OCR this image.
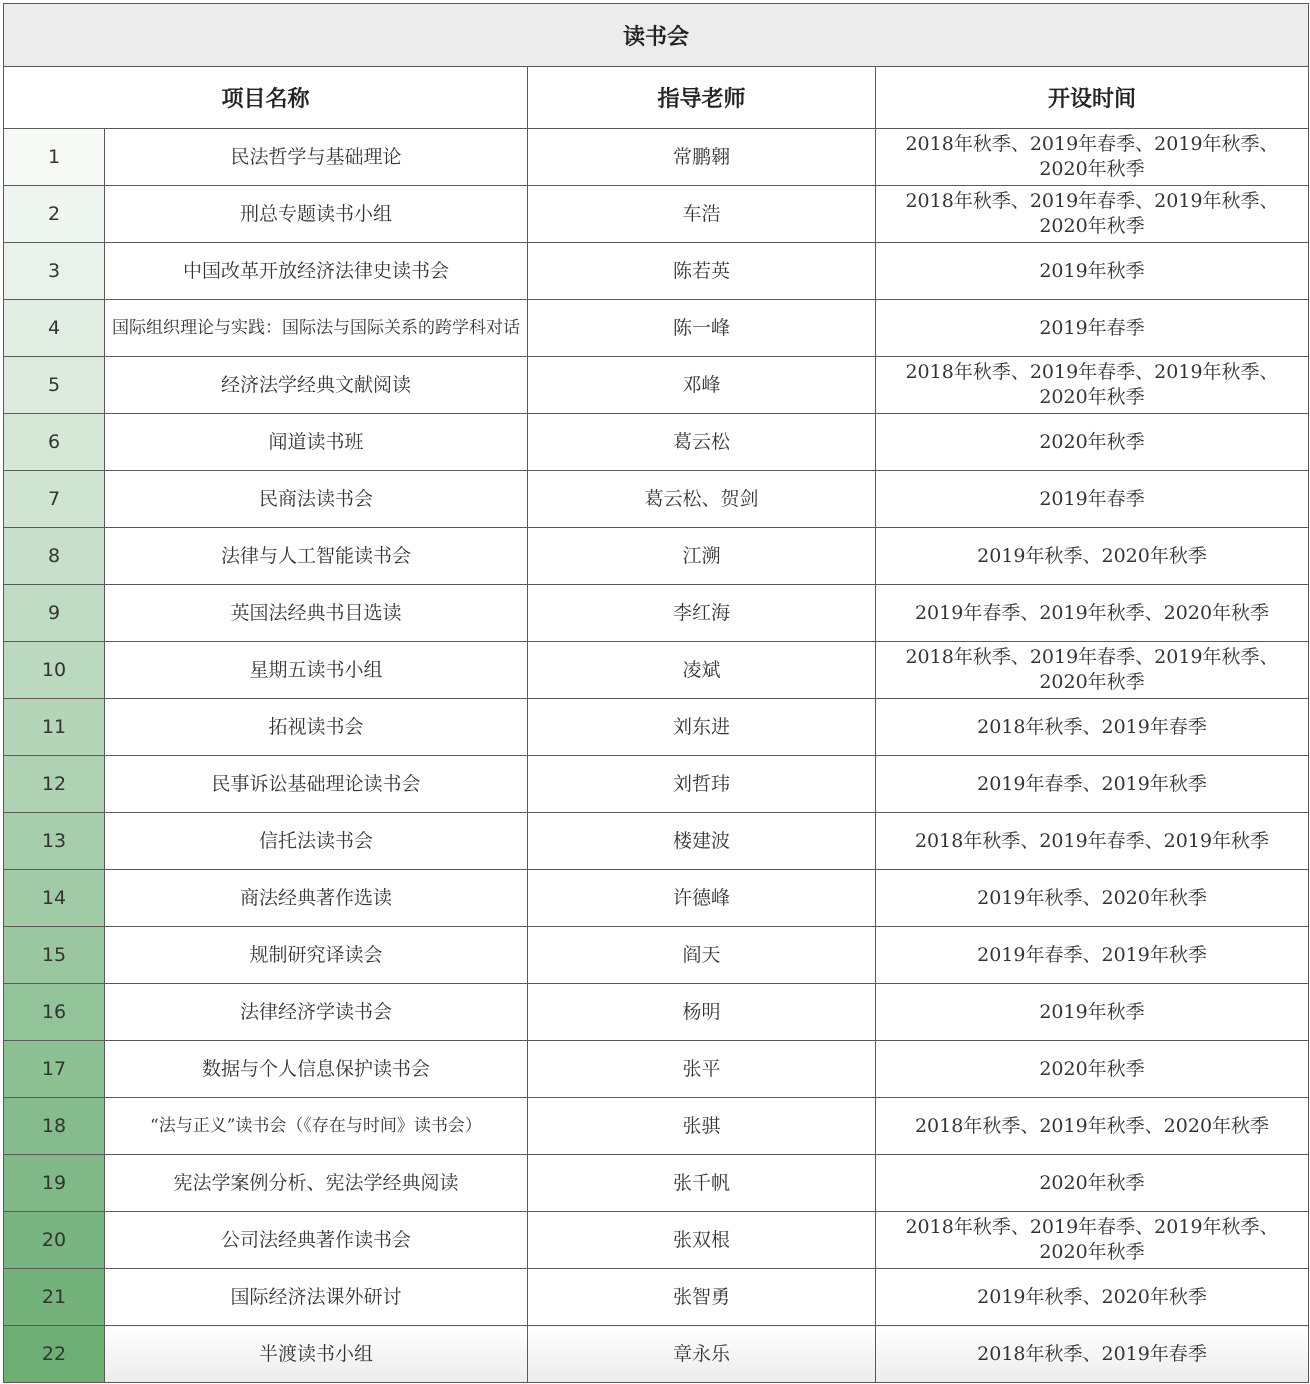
读书会			
项目名称		指导老师	开设时间
1	民法哲学与基础理论	常鹏翱	2018年秋季、2019年春季、2019年秋季、2020年秋季
2	刑总专题读书小组	车浩	2018年秋季、2019年春季、2019年秋季、2020年秋季
3	中国改革开放经济法律史读书会	陈若英	2019年秋季
4	国际组织理论与实践：国际法与国际关系的跨学科对话	陈一峰	2019年春季
5	经济法学经典文献阅读	邓峰	2018年秋季、2019年春季、2019年秋季、2020年秋季
6	闻道读书班	葛云松	2020年秋季
7	民商法读书会	葛云松、贺剑	2019年春季
8	法律与人工智能读书会	江溯	2019年秋季、2020年秋季
9	英国法经典书目选读	李红海	2019年春季、2019年秋季、2020年秋季
10	星期五读书小组	凌斌	2018年秋季、2019年春季、2019年秋季、2020年秋季
11	拓视读书会	刘东进	2018年秋季、2019年春季
12	民事诉讼基础理论读书会	刘哲玮	2019年春季、2019年秋季
13	信托法读书会	楼建波	2018年秋季、2019年春季、2019年秋季
14	商法经典著作选读	许德峰	2019年秋季、2020年秋季
15	规制研究译读会	阎天	2019年春季、2019年秋季
16	法律经济学读书会	杨明	2019年秋季
17	数据与个人信息保护读书会	张平	2020年秋季
18	“法与正义”读书会（《存在与时间》读书会）	张骐	2018年秋季、2019年秋季、2020年秋季
19	宪法学案例分析、宪法学经典阅读	张千帆	2020年秋季
20	公司法经典著作读书会	张双根	2018年秋季、2019年春季、2019年秋季、2020年秋季
21	国际经济法课外研讨	张智勇	2019年秋季、2020年秋季
22	半渡读书小组	章永乐	2018年秋季、2019年春季
